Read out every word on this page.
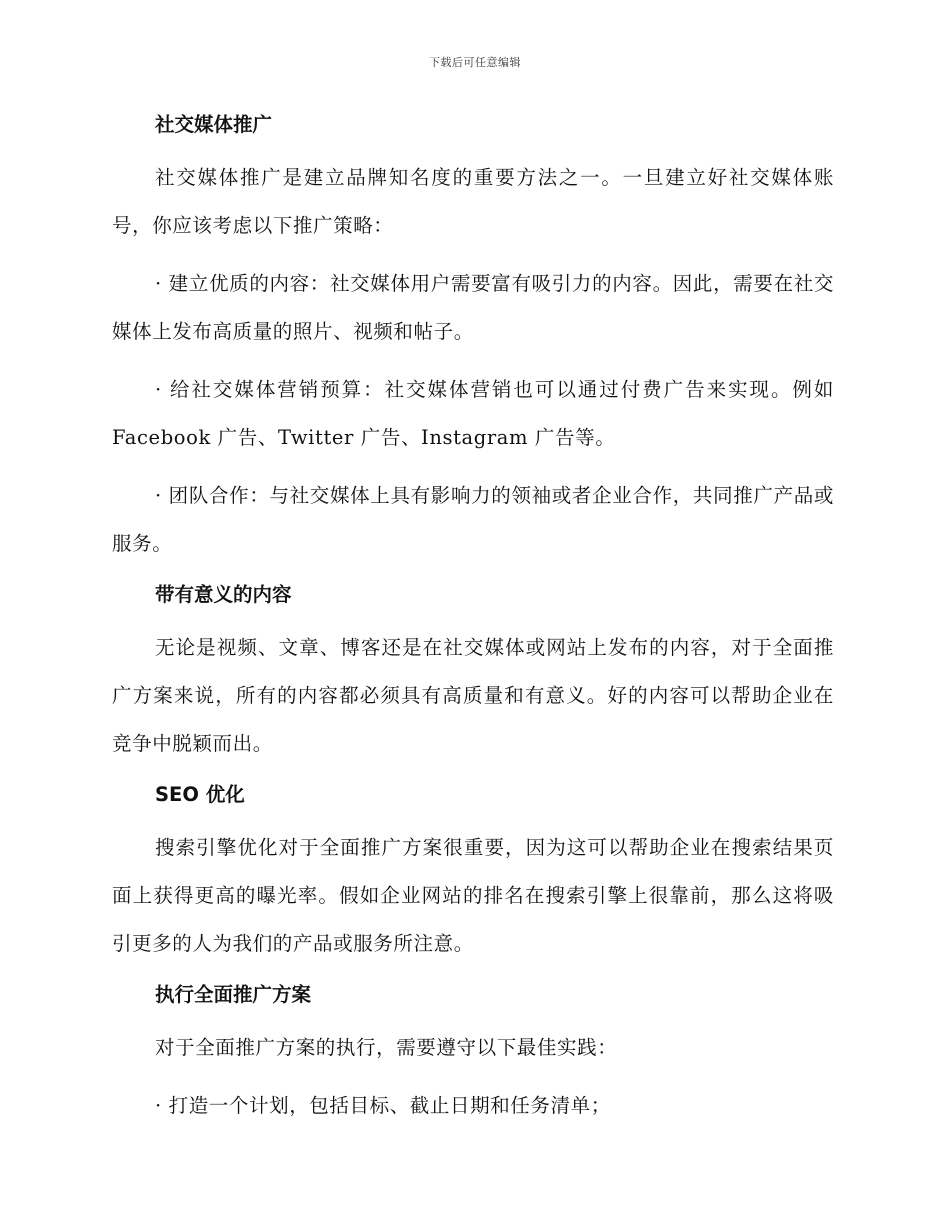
下载后可任意编辑
社交媒体推广

社交媒体推广是建立品牌知名度的重要方法之一。一旦建立好社交媒体账号，你应该考虑以下推广策略：

· 建立优质的内容：社交媒体用户需要富有吸引力的内容。因此，需要在社交媒体上发布高质量的照片、视频和帖子。

· 给社交媒体营销预算：社交媒体营销也可以通过付费广告来实现。例如 Facebook 广告、Twitter 广告、Instagram 广告等。

· 团队合作：与社交媒体上具有影响力的领袖或者企业合作，共同推广产品或服务。

带有意义的内容

无论是视频、文章、博客还是在社交媒体或网站上发布的内容，对于全面推广方案来说，所有的内容都必须具有高质量和有意义。好的内容可以帮助企业在竞争中脱颖而出。

SEO 优化

搜索引擎优化对于全面推广方案很重要，因为这可以帮助企业在搜索结果页面上获得更高的曝光率。假如企业网站的排名在搜索引擎上很靠前，那么这将吸引更多的人为我们的产品或服务所注意。

执行全面推广方案

对于全面推广方案的执行，需要遵守以下最佳实践：

· 打造一个计划，包括目标、截止日期和任务清单；
